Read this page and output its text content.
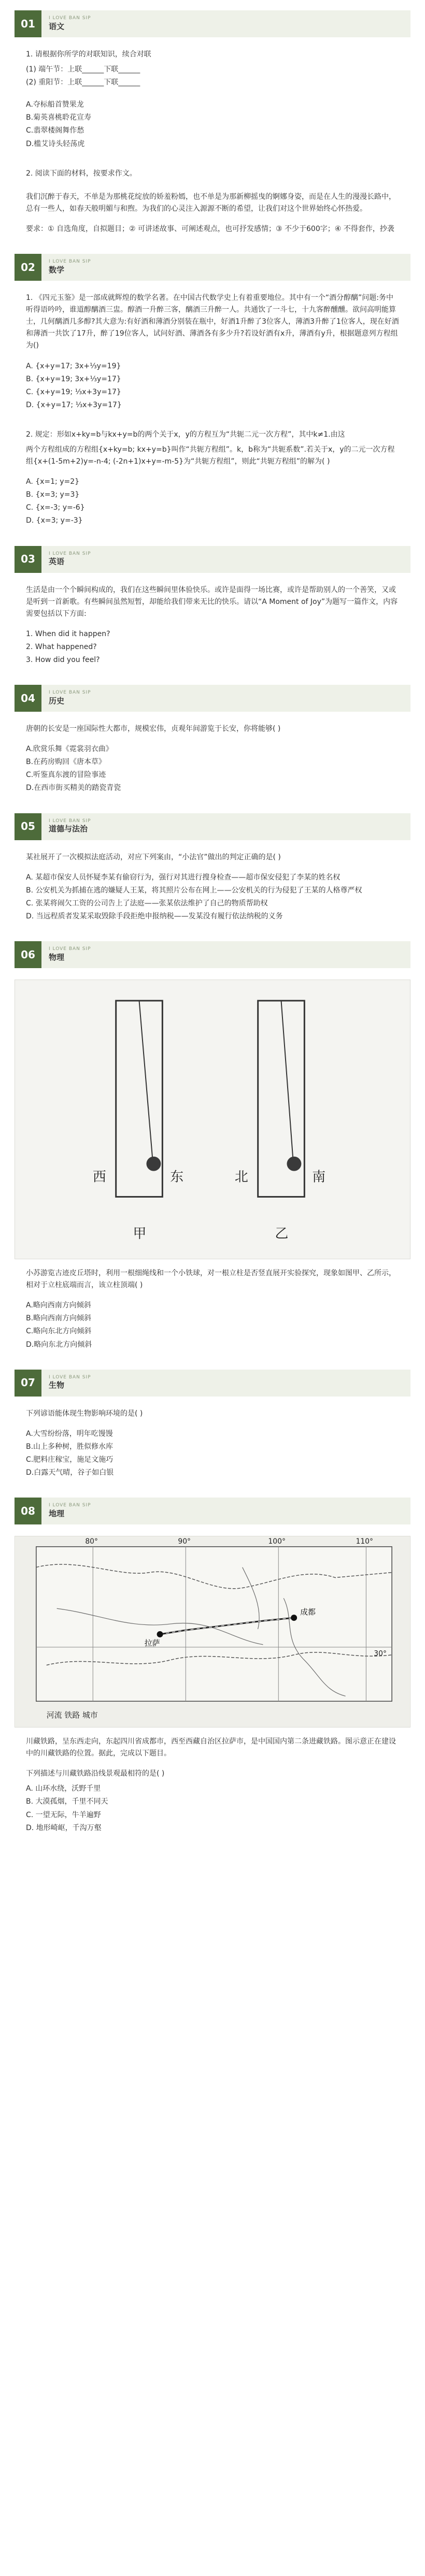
01	I LOVE BAN SIP
语文
1. 请根据你所学的对联知识，续合对联
(1) 端午节：上联______下联______
(2) 重阳节：上联______下联______
A.夺标船首赞果龙
B.菊英喜桃聆花宣寿
C.翡翠楼阁舞作愁
D.槛艾诗头轻荡虎
2. 阅读下面的材料，按要求作文。

我们沉醉于春天，不单是为那桃花绽放的娇羞粉嫣，也不单是为那新柳摇曳的婀娜身姿，而是在人生的漫漫长路中，总有一些人，如春天般明媚与和煦。为我们的心灵注入源源不断的希望，让我们对这个世界始终心怀热爱。

要求：① 自选角度，自拟题目；② 可讲述故事、可阐述观点，也可抒发感情；③ 不少于600字；④ 不得套作，抄袭

02	I LOVE BAN SIP
数学

1. 《四元玉鉴》是一部成就辉煌的数学名著。在中国古代数学史上有着重要地位。其中有一个“酒分醇醨”问题:务中听得语吟吟，谁道醇醨酒三盅。醇酒一升醉三客，醨酒三升醉一人。共通饮了一斗七，十九客醉醺醺。欲问高明能算士，几何醨酒几多醇?其大意为:有好酒和薄酒分别装在瓶中，好酒1升醉了3位客人，薄酒3升醉了1位客人，现在好酒和薄酒一共饮了17升，醉了19位客人，试问好酒、薄酒各有多少升?若设好酒有x升，薄酒有y升，根据题意列方程组为()

A. {x+y=17; 3x+⅓y=19}
B. {x+y=19; 3x+⅓y=17}
C. {x+y=19; ⅓x+3y=17}
D. {x+y=17; ⅓x+3y=17}
2. 规定：形如x+ky=b与kx+y=b的两个关于x，y的方程互为“共轭二元一次方程”，其中k≠1.由这

两个方程组成的方程组{x+ky=b; kx+y=b}叫作“共轭方程组”。k，b称为“共轭系数”.若关于x，y的二元一次方程组{x+(1-5m+2)y=-n-4; (-2n+1)x+y=-m-5}为“共轭方程组”，则此“共轭方程组”的解为( )

A. {x=1; y=2}
B. {x=3; y=3}
C. {x=-3; y=-6}
D. {x=3; y=-3}
03	I LOVE BAN SIP
英语

生活是由一个个瞬间构成的，我们在这些瞬间里体验快乐。或许是面得一场比赛，或许是帮助别人的一个善笑，又或是听到一首新歌。有些瞬间虽然短暂，却能给我们带来无比的快乐。请以“A Moment of Joy”为题写一篇作文，内容需要包括以下方面:

1. When did it happen?
2. What happened?
3. How did you feel?
04	I LOVE BAN SIP
历史

唐朝的长安是一座国际性大都市，规模宏伟，贞观年间游览于长安，你将能够( )

A.欣赏乐舞《霓裳羽衣曲》
B.在药房购回《唐本草》
C.听鉴真东渡的冒险事迹
D.在西市街买精美的踏瓷青瓷
05	I LOVE BAN SIP
道德与法治

某社展开了一次模拟法庭活动，对应下列案由，“小法官”做出的判定正确的是( )

A. 某超市保安人员怀疑李某有偷窃行为，强行对其进行搜身检查——超市保安侵犯了李某的姓名权
B. 公安机关为抓捕在逃的嫌疑人王某，将其照片公布在网上——公安机关的行为侵犯了王某的人格尊严权
C. 张某将闹欠工资的公司告上了法庭——张某依法维护了自己的物质帮助权
D. 当远程质者发某采取毁除手段拒绝申报纳税——发某没有履行依法纳税的义务
06	I LOVE BAN SIP
物理
西	东
甲
北	南
乙

小苏游览古迹皮丘塔时，利用一根细绳线和一个小铁球，对一根立柱是否竖直展开实验探究，现象如图甲、乙所示，相对于立柱底端而言，该立柱顶端( )

A.略向西南方向倾斜
B.略向西南方向倾斜
C.略向东北方向倾斜
D.略向东北方向倾斜
07	I LOVE BAN SIP
生物

下列谚语能体现生物影响环境的是( )

A.大雪纷纷落，明年吃馒馒
B.山上多种树，胜似修水库
C.肥料庄稼宝，施足文施巧
D.白露天气晴，谷子如白银
08	I LOVE BAN SIP
地理
80°	90°	100°	110°
30°
拉萨
成都
河流 铁路 城市

川藏铁路，呈东西走向，东起四川省成都市，西至西藏自治区拉萨市，是中国国内第二条进藏铁路。图示意正在建设中的川藏铁路的位置。据此，完成以下题目。

下列描述与川藏铁路沿线景观最相符的是( )
A. 山环水绕，沃野千里
B. 大漠孤烟，千里不同天
C. 一望无际，牛羊遍野
D. 地形崎岖，千沟万壑
